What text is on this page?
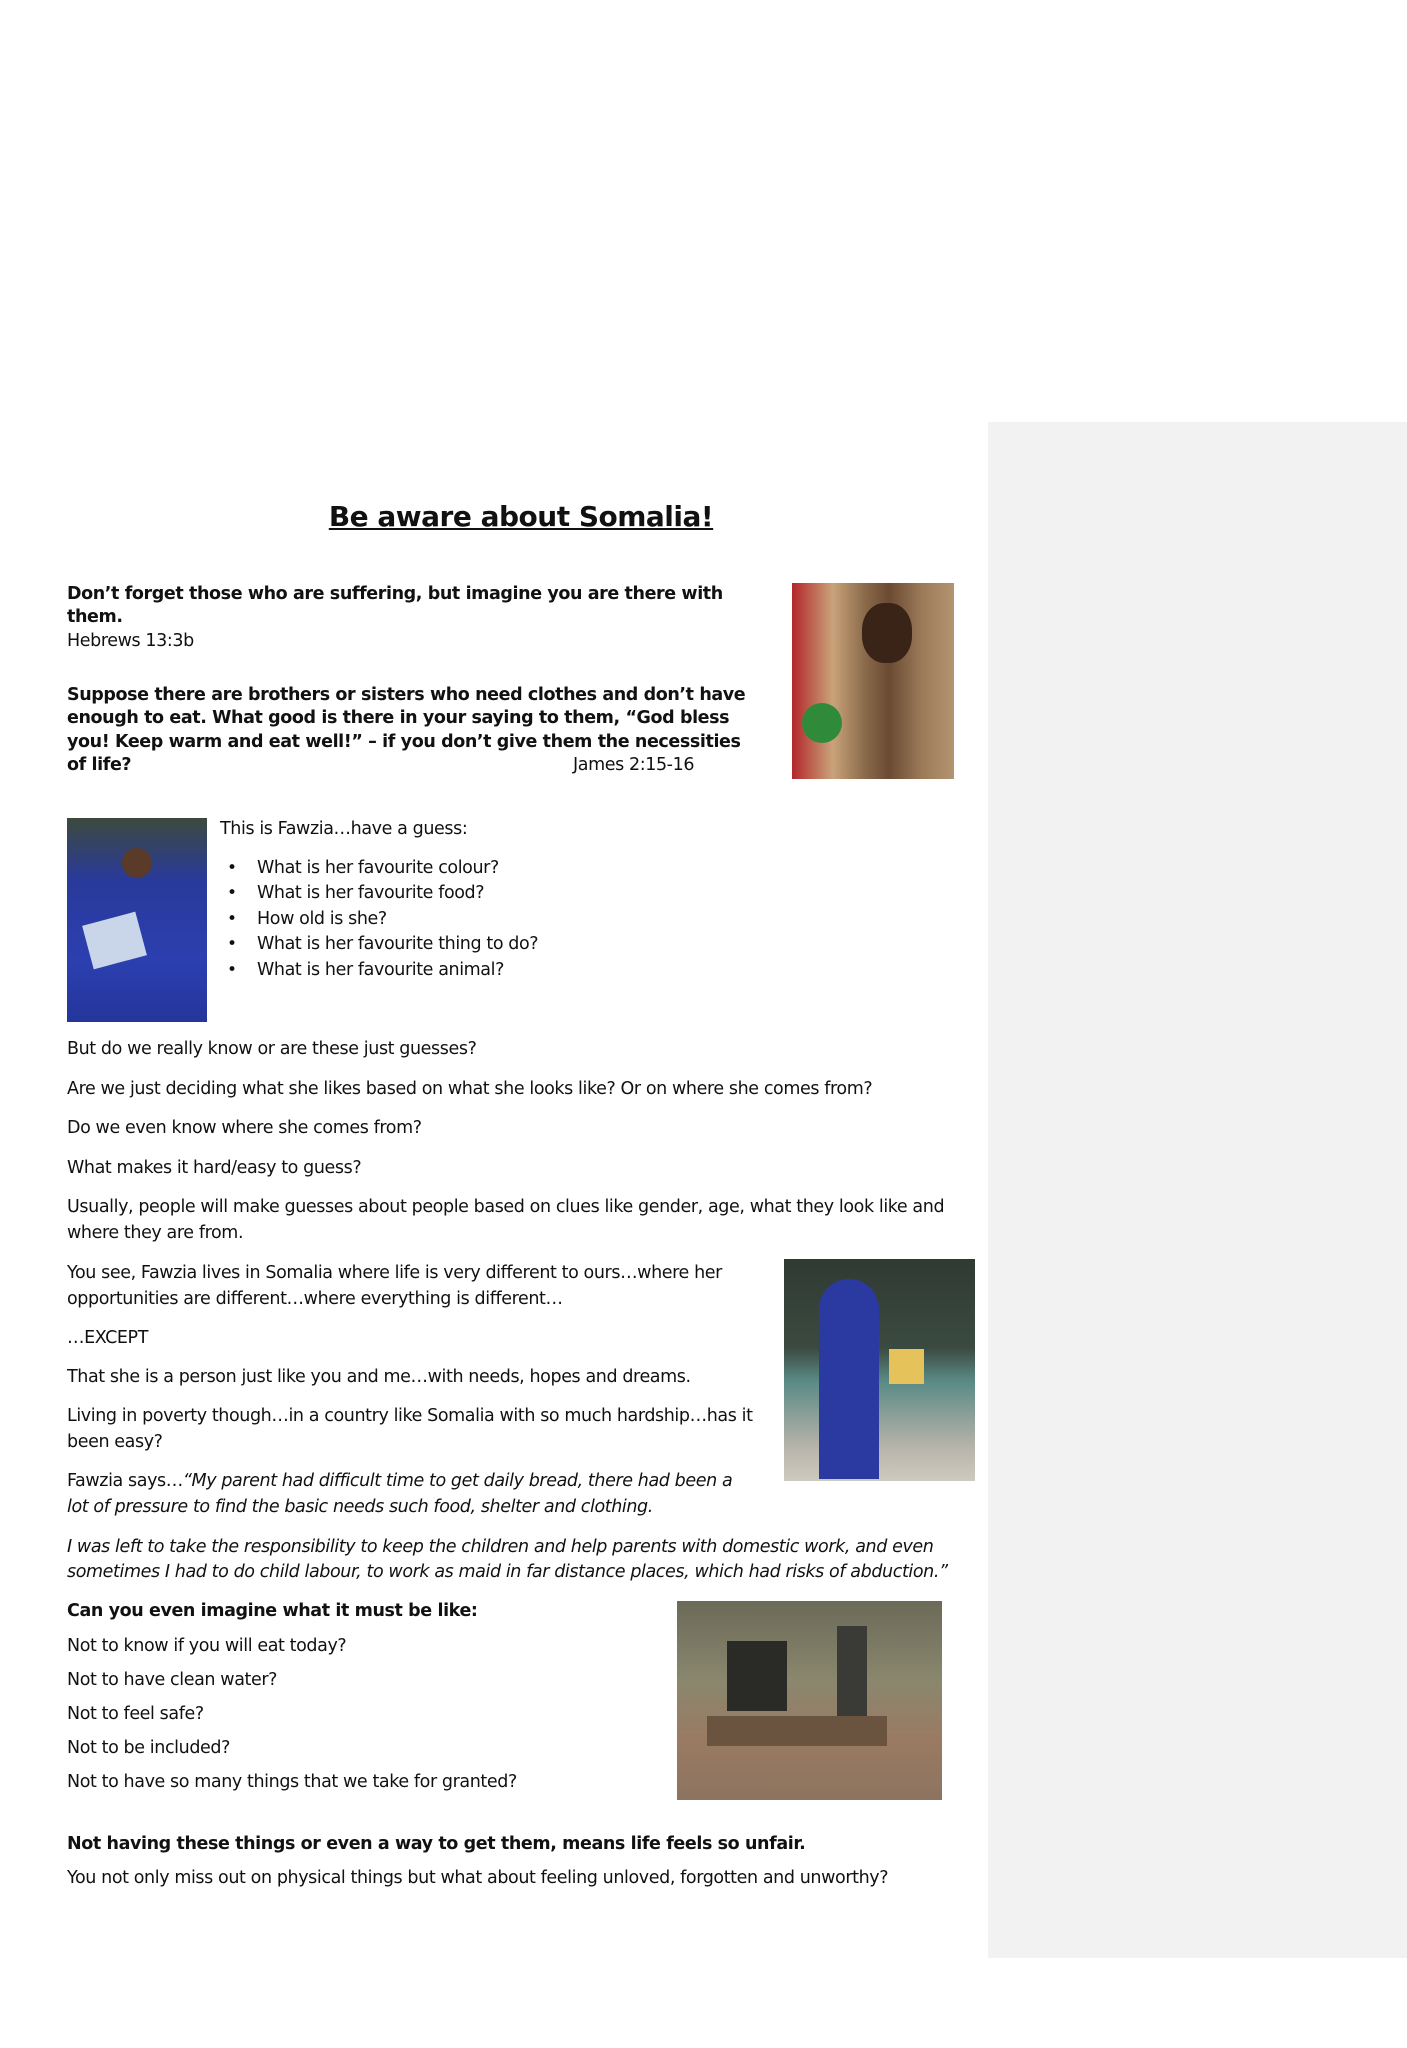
Be aware about Somalia!
Don’t forget those who are suffering, but imagine you are there with
them.
Hebrews 13:3b
Suppose there are brothers or sisters who need clothes and don’t have
enough to eat. What good is there in your saying to them, “God bless
you! Keep warm and eat well!” – if you don’t give them the necessities
of life?	James 2:15-16
This is Fawzia…have a guess:
• What is her favourite colour?
• What is her favourite food?
• How old is she?
• What is her favourite thing to do?
• What is her favourite animal?
But do we really know or are these just guesses?
Are we just deciding what she likes based on what she looks like? Or on where she comes from?
Do we even know where she comes from?
What makes it hard/easy to guess?
Usually, people will make guesses about people based on clues like gender, age, what they look like and
where they are from.
You see, Fawzia lives in Somalia where life is very different to ours…where her
opportunities are different…where everything is different…
…EXCEPT
That she is a person just like you and me…with needs, hopes and dreams.
Living in poverty though…in a country like Somalia with so much hardship…has it
been easy?
Fawzia says…“My parent had difficult time to get daily bread, there had been a
lot of pressure to find the basic needs such food, shelter and clothing.
I was left to take the responsibility to keep the children and help parents with domestic work, and even
sometimes I had to do child labour, to work as maid in far distance places, which had risks of abduction.”
Can you even imagine what it must be like:
Not to know if you will eat today?
Not to have clean water?
Not to feel safe?
Not to be included?
Not to have so many things that we take for granted?
Not having these things or even a way to get them, means life feels so unfair.
You not only miss out on physical things but what about feeling unloved, forgotten and unworthy?
